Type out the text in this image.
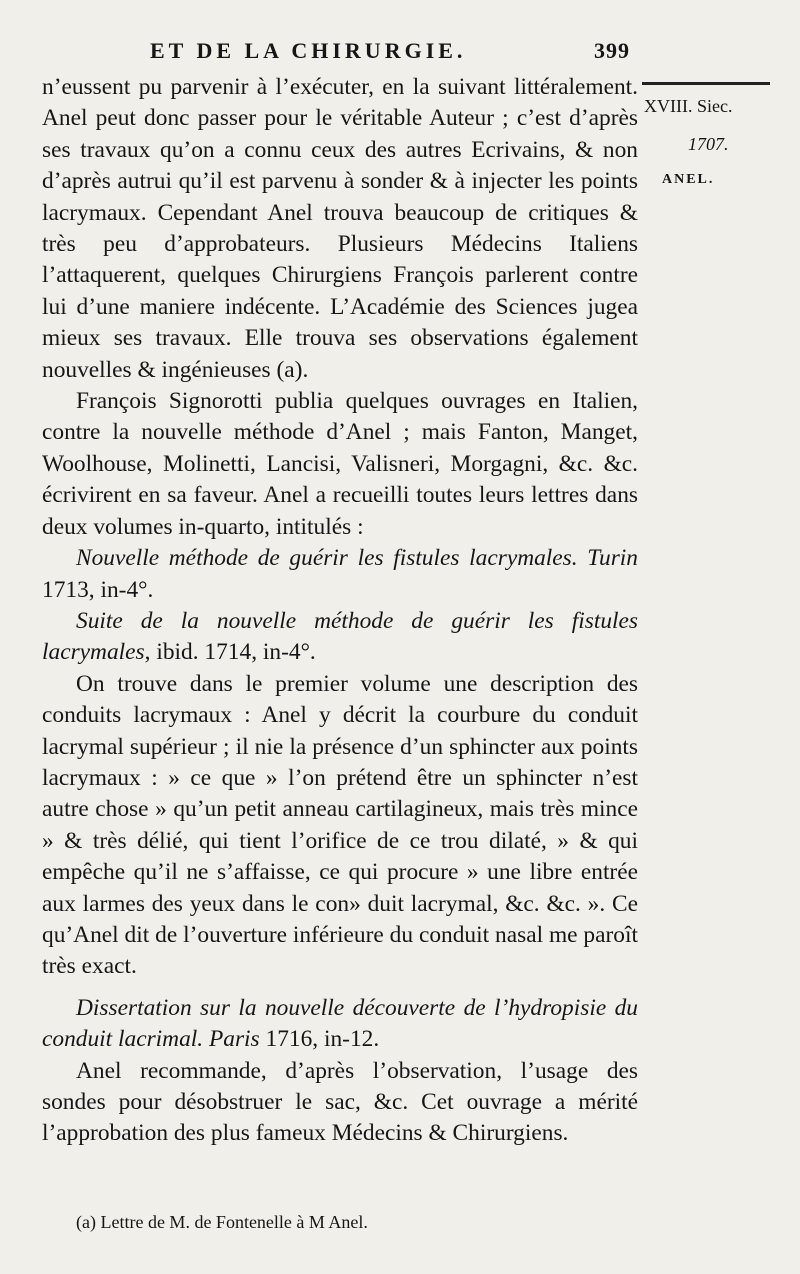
ET DE LA CHIRURGIE.	399
XVIII. Siec.
1707.
ANEL.

n’eussent pu parvenir à l’exécuter, en la suivant littéralement. Anel peut donc passer pour le véritable Auteur ; c’est d’après ses travaux qu’on a connu ceux des autres Ecrivains, & non d’après autrui qu’il est parvenu à sonder & à injecter les points lacrymaux. Cependant Anel trouva beaucoup de critiques & très peu d’approbateurs. Plusieurs Médecins Italiens l’attaquerent, quelques Chirurgiens François parlerent contre lui d’une maniere indécente. L’Académie des Sciences jugea mieux ses travaux. Elle trouva ses observations également nouvelles & ingénieuses (a).

François Signorotti publia quelques ouvrages en Italien, contre la nouvelle méthode d’Anel ; mais Fanton, Manget, Woolhouse, Molinetti, Lancisi, Valisneri, Morgagni, &c. &c. écrivirent en sa faveur. Anel a recueilli toutes leurs lettres dans deux volumes in-quarto, intitulés :

Nouvelle méthode de guérir les fistules lacrymales. Turin 1713, in-4°.

Suite de la nouvelle méthode de guérir les fistules lacrymales, ibid. 1714, in-4°.

On trouve dans le premier volume une description des conduits lacrymaux : Anel y décrit la courbure du conduit lacrymal supérieur ; il nie la présence d’un sphincter aux points lacrymaux : » ce que » l’on prétend être un sphincter n’est autre chose » qu’un petit anneau cartilagineux, mais très mince » & très délié, qui tient l’orifice de ce trou dilaté, » & qui empêche qu’il ne s’affaisse, ce qui procure » une libre entrée aux larmes des yeux dans le con» duit lacrymal, &c. &c. ». Ce qu’Anel dit de l’ouverture inférieure du conduit nasal me paroît très exact.

Dissertation sur la nouvelle découverte de l’hydropisie du conduit lacrimal. Paris 1716, in-12.

Anel recommande, d’après l’observation, l’usage des sondes pour désobstruer le sac, &c. Cet ouvrage a mérité l’approbation des plus fameux Médecins & Chirurgiens.

(a) Lettre de M. de Fontenelle à M Anel.
